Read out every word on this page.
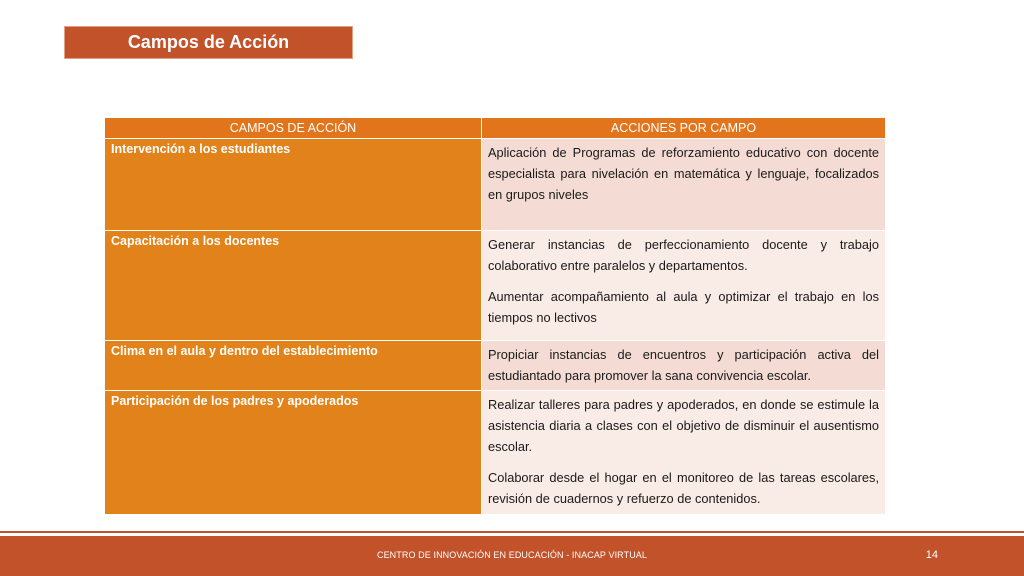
Campos de Acción
CAMPOS DE ACCIÓN	ACCIONES POR CAMPO
Intervención a los estudiantes	Aplicación de Programas de reforzamiento educativo con docente especialista para nivelación en matemática y lenguaje, focalizados en grupos niveles

Capacitación a los docentes	Generar instancias de perfeccionamiento docente y trabajo colaborativo entre paralelos y departamentos.

Aumentar acompañamiento al aula y optimizar el trabajo en los tiempos no lectivos

Clima en el aula y dentro del establecimiento	Propiciar instancias de encuentros y participación activa del estudiantado para promover la sana convivencia escolar.

Participación de los padres y apoderados	Realizar talleres para padres y apoderados, en donde se estimule la asistencia diaria a clases con el objetivo de disminuir el ausentismo escolar.

Colaborar desde el hogar en el monitoreo de las tareas escolares, revisión de cuadernos y refuerzo de contenidos.

CENTRO DE INNOVACIÓN EN EDUCACIÓN - INACAP VIRTUAL	14
